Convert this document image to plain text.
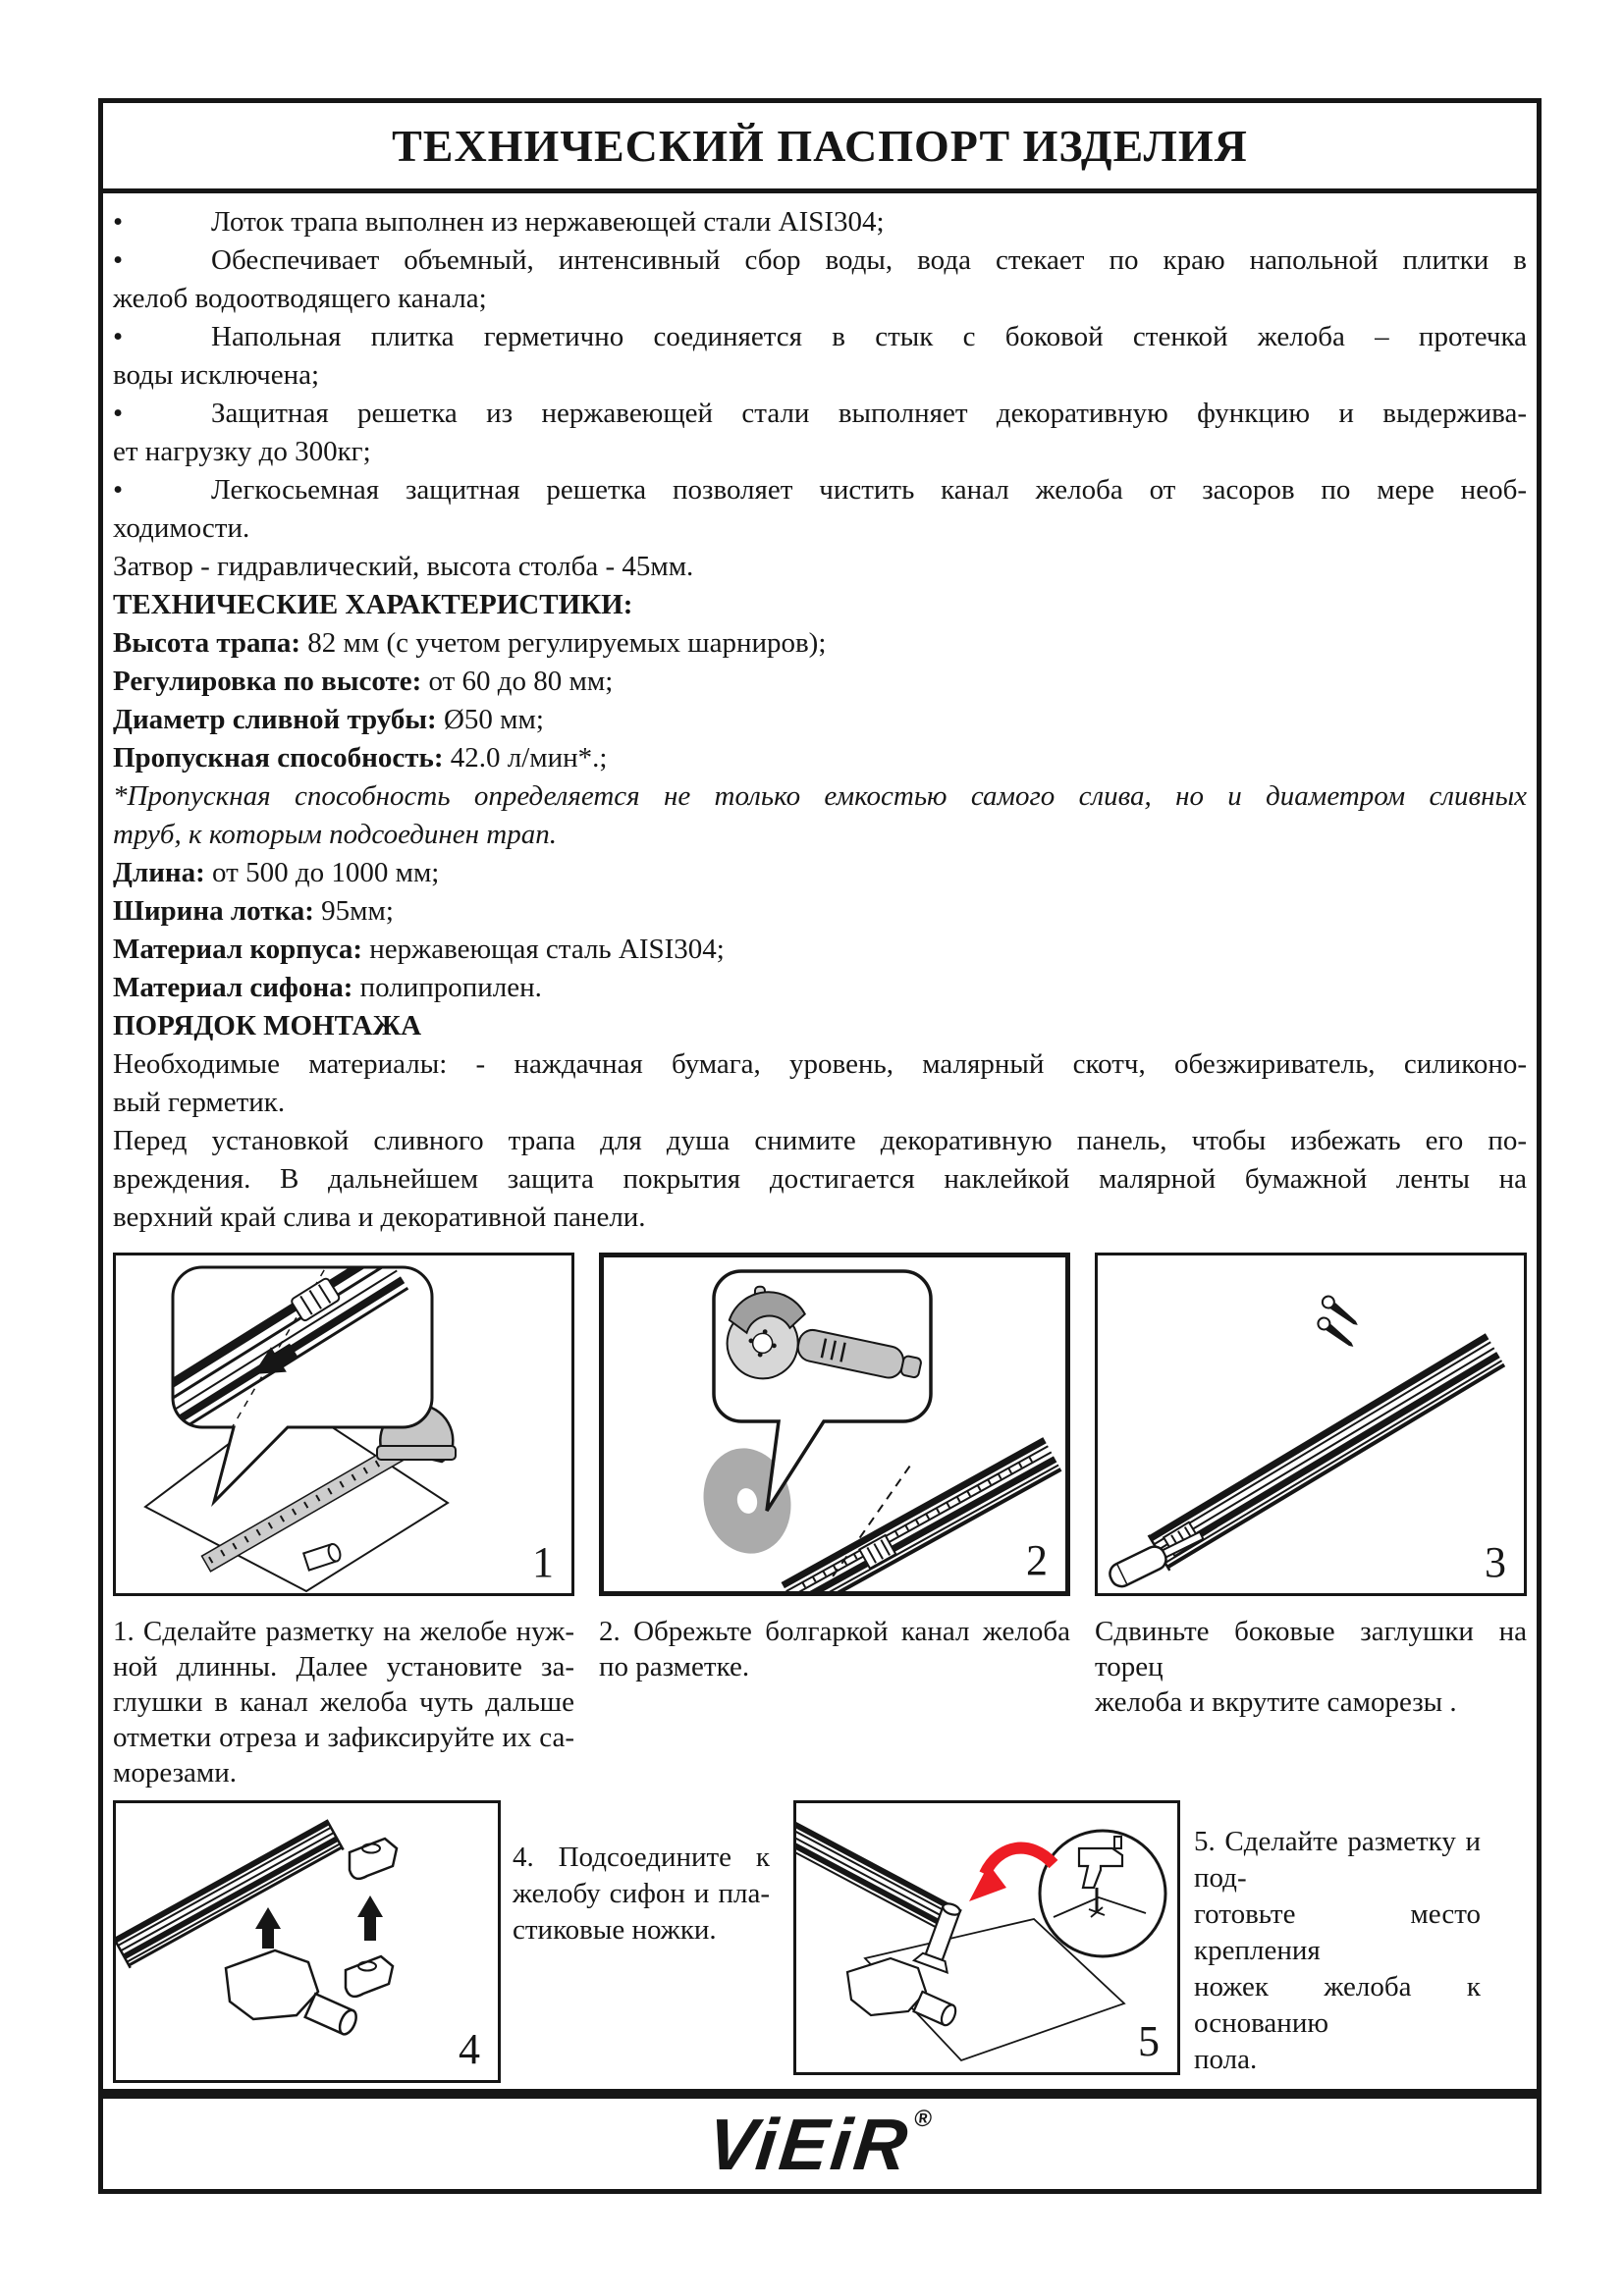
ТЕХНИЧЕСКИЙ ПАСПОРТ ИЗДЕЛИЯ
•	Лоток трапа выполнен из нержавеющей стали AISI304;
•	Обеспечивает объемный, интенсивный сбор воды, вода стекает по краю напольной плитки в
желоб водоотводящего канала;
•	Напольная плитка герметично соединяется в стык с боковой стенкой желоба – протечка
воды исключена;
•	Защитная решетка из нержавеющей стали выполняет декоративную функцию и выдержива-
ет нагрузку до 300кг;
•	Легкосьемная защитная решетка позволяет чистить канал желоба от засоров по мере необ-
ходимости.
Затвор - гидравлический, высота столба - 45мм.
ТЕХНИЧЕСКИЕ ХАРАКТЕРИСТИКИ:
Высота трапа: 82 мм (с учетом регулируемых шарниров);
Регулировка по высоте: от 60 до 80 мм;
Диаметр сливной трубы: Ø50 мм;
Пропускная способность: 42.0 л/мин*.;
*Пропускная способность определяется не только емкостью самого слива, но и диаметром сливных
труб, к которым подсоединен трап.
Длина: от 500 до 1000 мм;
Ширина лотка: 95мм;
Материал корпуса: нержавеющая сталь AISI304;
Материал сифона: полипропилен.
ПОРЯДОК МОНТАЖА
Необходимые материалы: - наждачная бумага, уровень, малярный скотч, обезжириватель, силиконо-
вый герметик.
Перед установкой сливного трапа для душа снимите декоративную панель, чтобы избежать его по-
вреждения. В дальнейшем защита покрытия достигается наклейкой малярной бумажной ленты на
верхний край слива и декоративной панели.
1
1. Сделайте разметку на желобе нуж-
ной длинны. Далее установите за-
глушки в канал желоба чуть дальше
отметки отреза и зафиксируйте их са-
морезами.
2
2. Обрежьте болгаркой канал желоба
по разметке.
3
Сдвиньте боковые заглушки на торец
желоба и вкрутите саморезы .
4
4. Подсоедините к
желобу сифон и пла-
стиковые ножки.
5
5. Сделайте разметку и под-
готовьте место крепления
ножек желоба к основанию
пола.
ViEiR®
